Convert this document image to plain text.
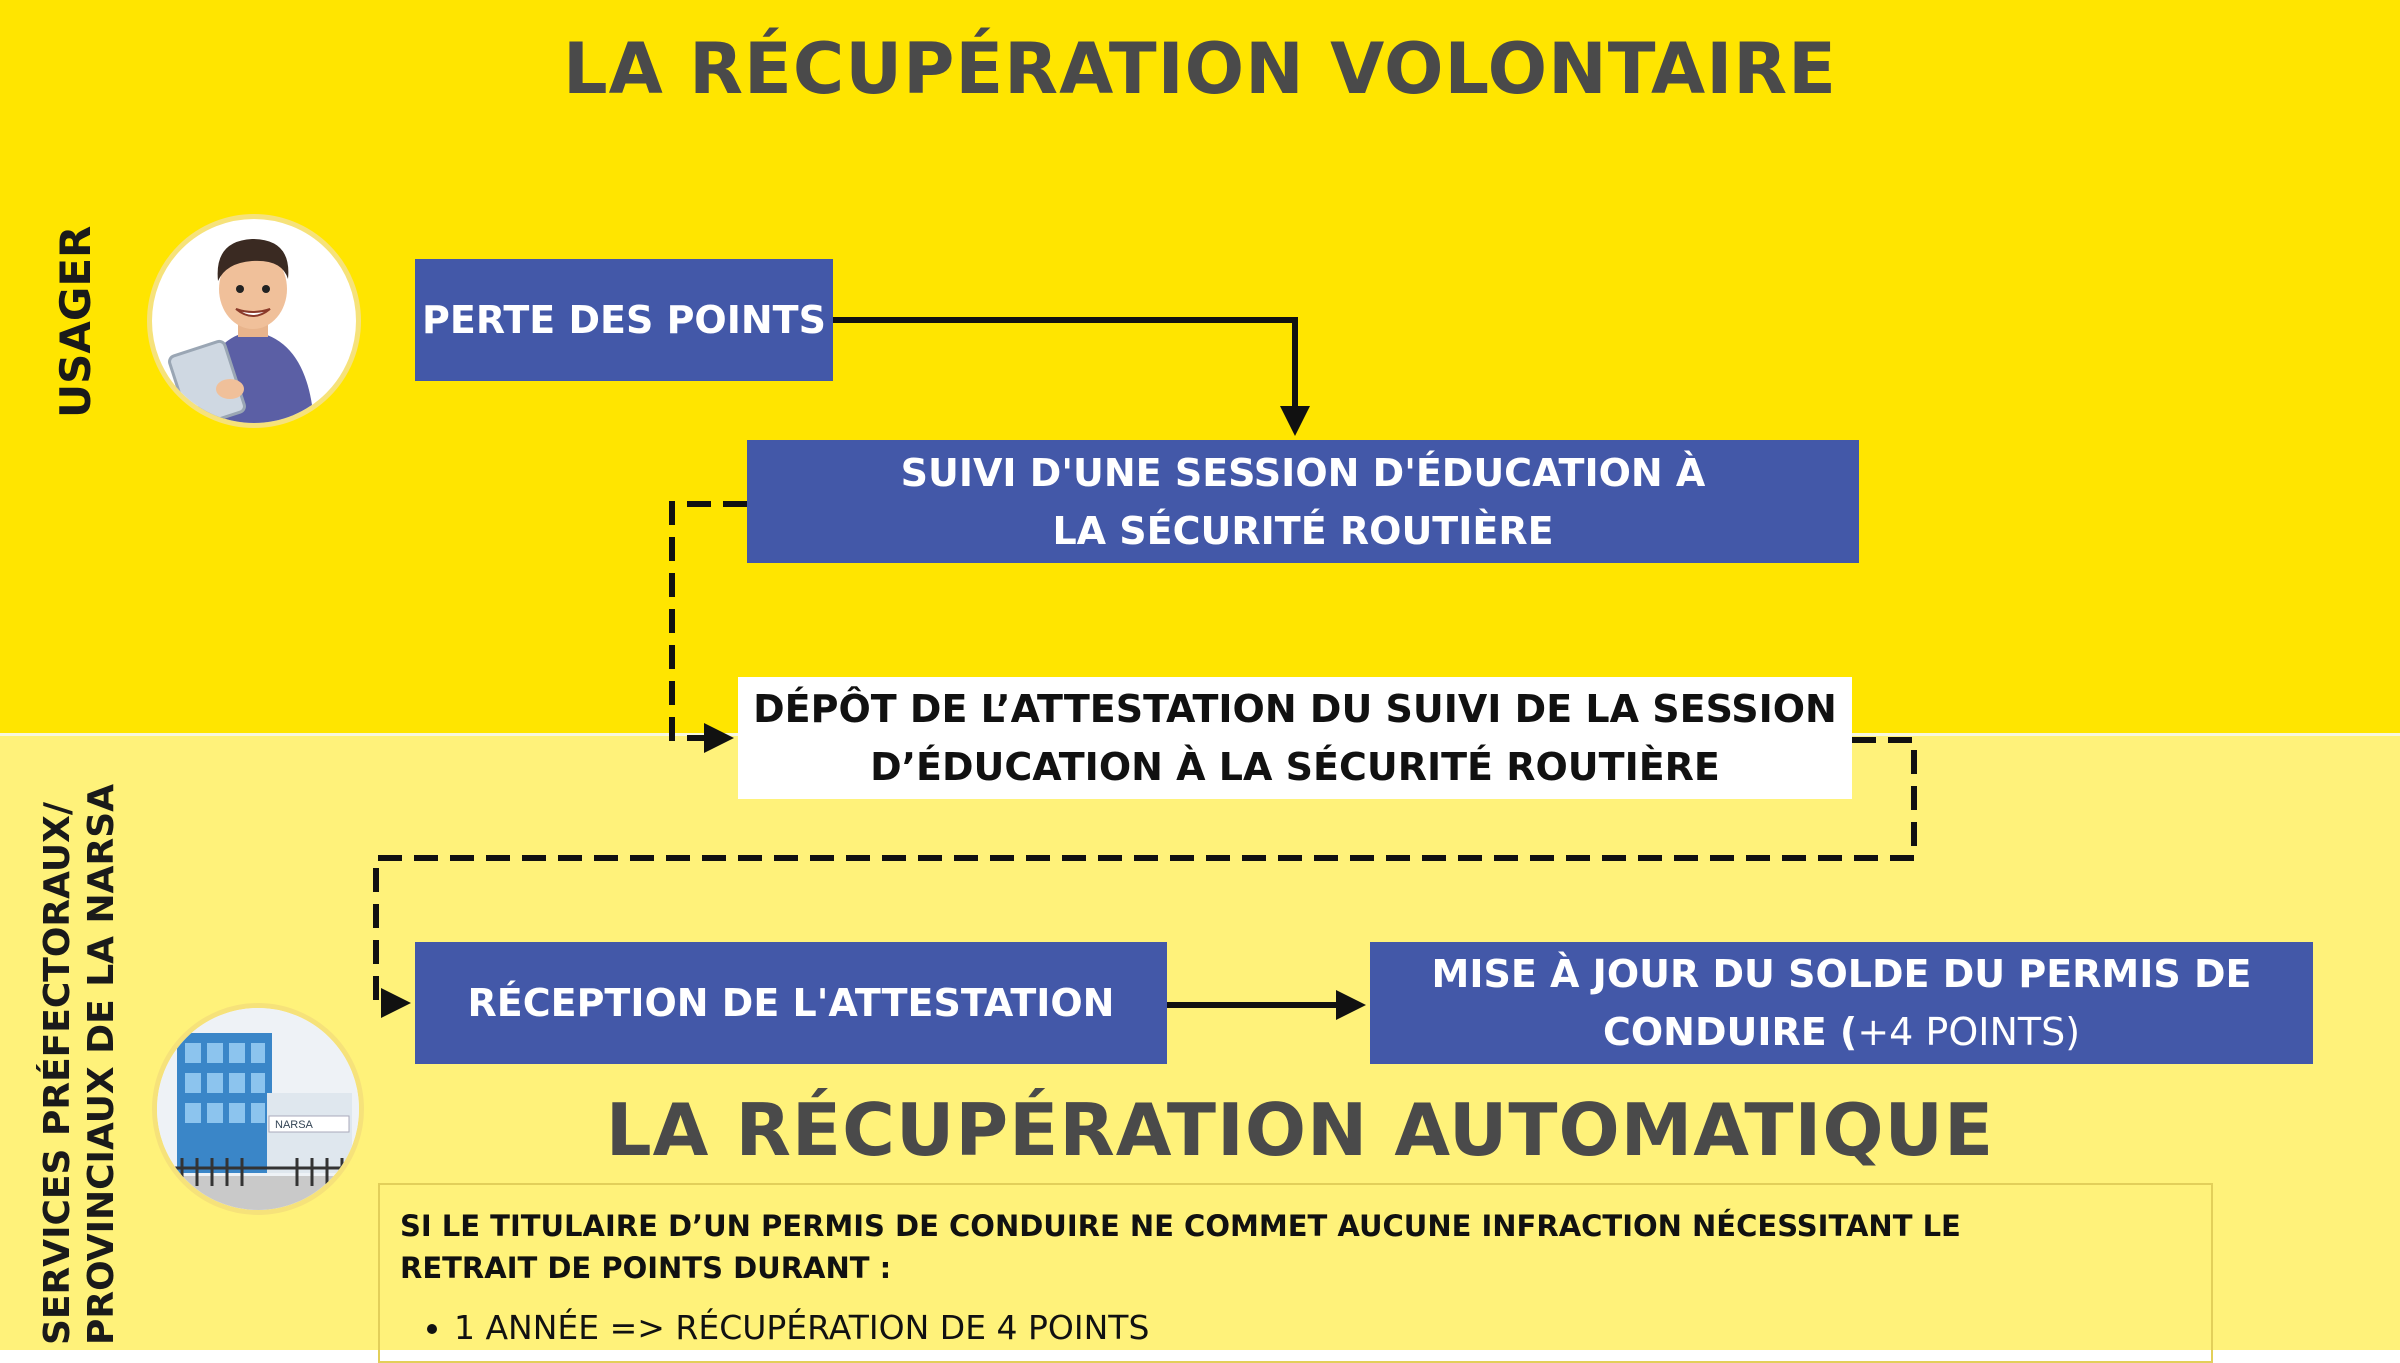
LA RÉCUPÉRATION VOLONTAIRE
USAGER
SERVICES PRÉFECTORAUX/ PROVINCIAUX DE LA NARSA	NARSA
PERTE DES POINTS
SUIVI D'UNE SESSION D'ÉDUCATION À
LA SÉCURITÉ ROUTIÈRE
DÉPÔT DE L’ATTESTATION DU SUIVI DE LA SESSION
D’ÉDUCATION À LA SÉCURITÉ ROUTIÈRE
RÉCEPTION DE L'ATTESTATION
MISE À JOUR DU SOLDE DU PERMIS DE
CONDUIRE (+4 POINTS)
LA RÉCUPÉRATION AUTOMATIQUE
SI LE TITULAIRE D’UN PERMIS DE CONDUIRE NE COMMET AUCUNE INFRACTION NÉCESSITANT LE RETRAIT DE POINTS DURANT :
• 1 ANNÉE => RÉCUPÉRATION DE 4 POINTS
